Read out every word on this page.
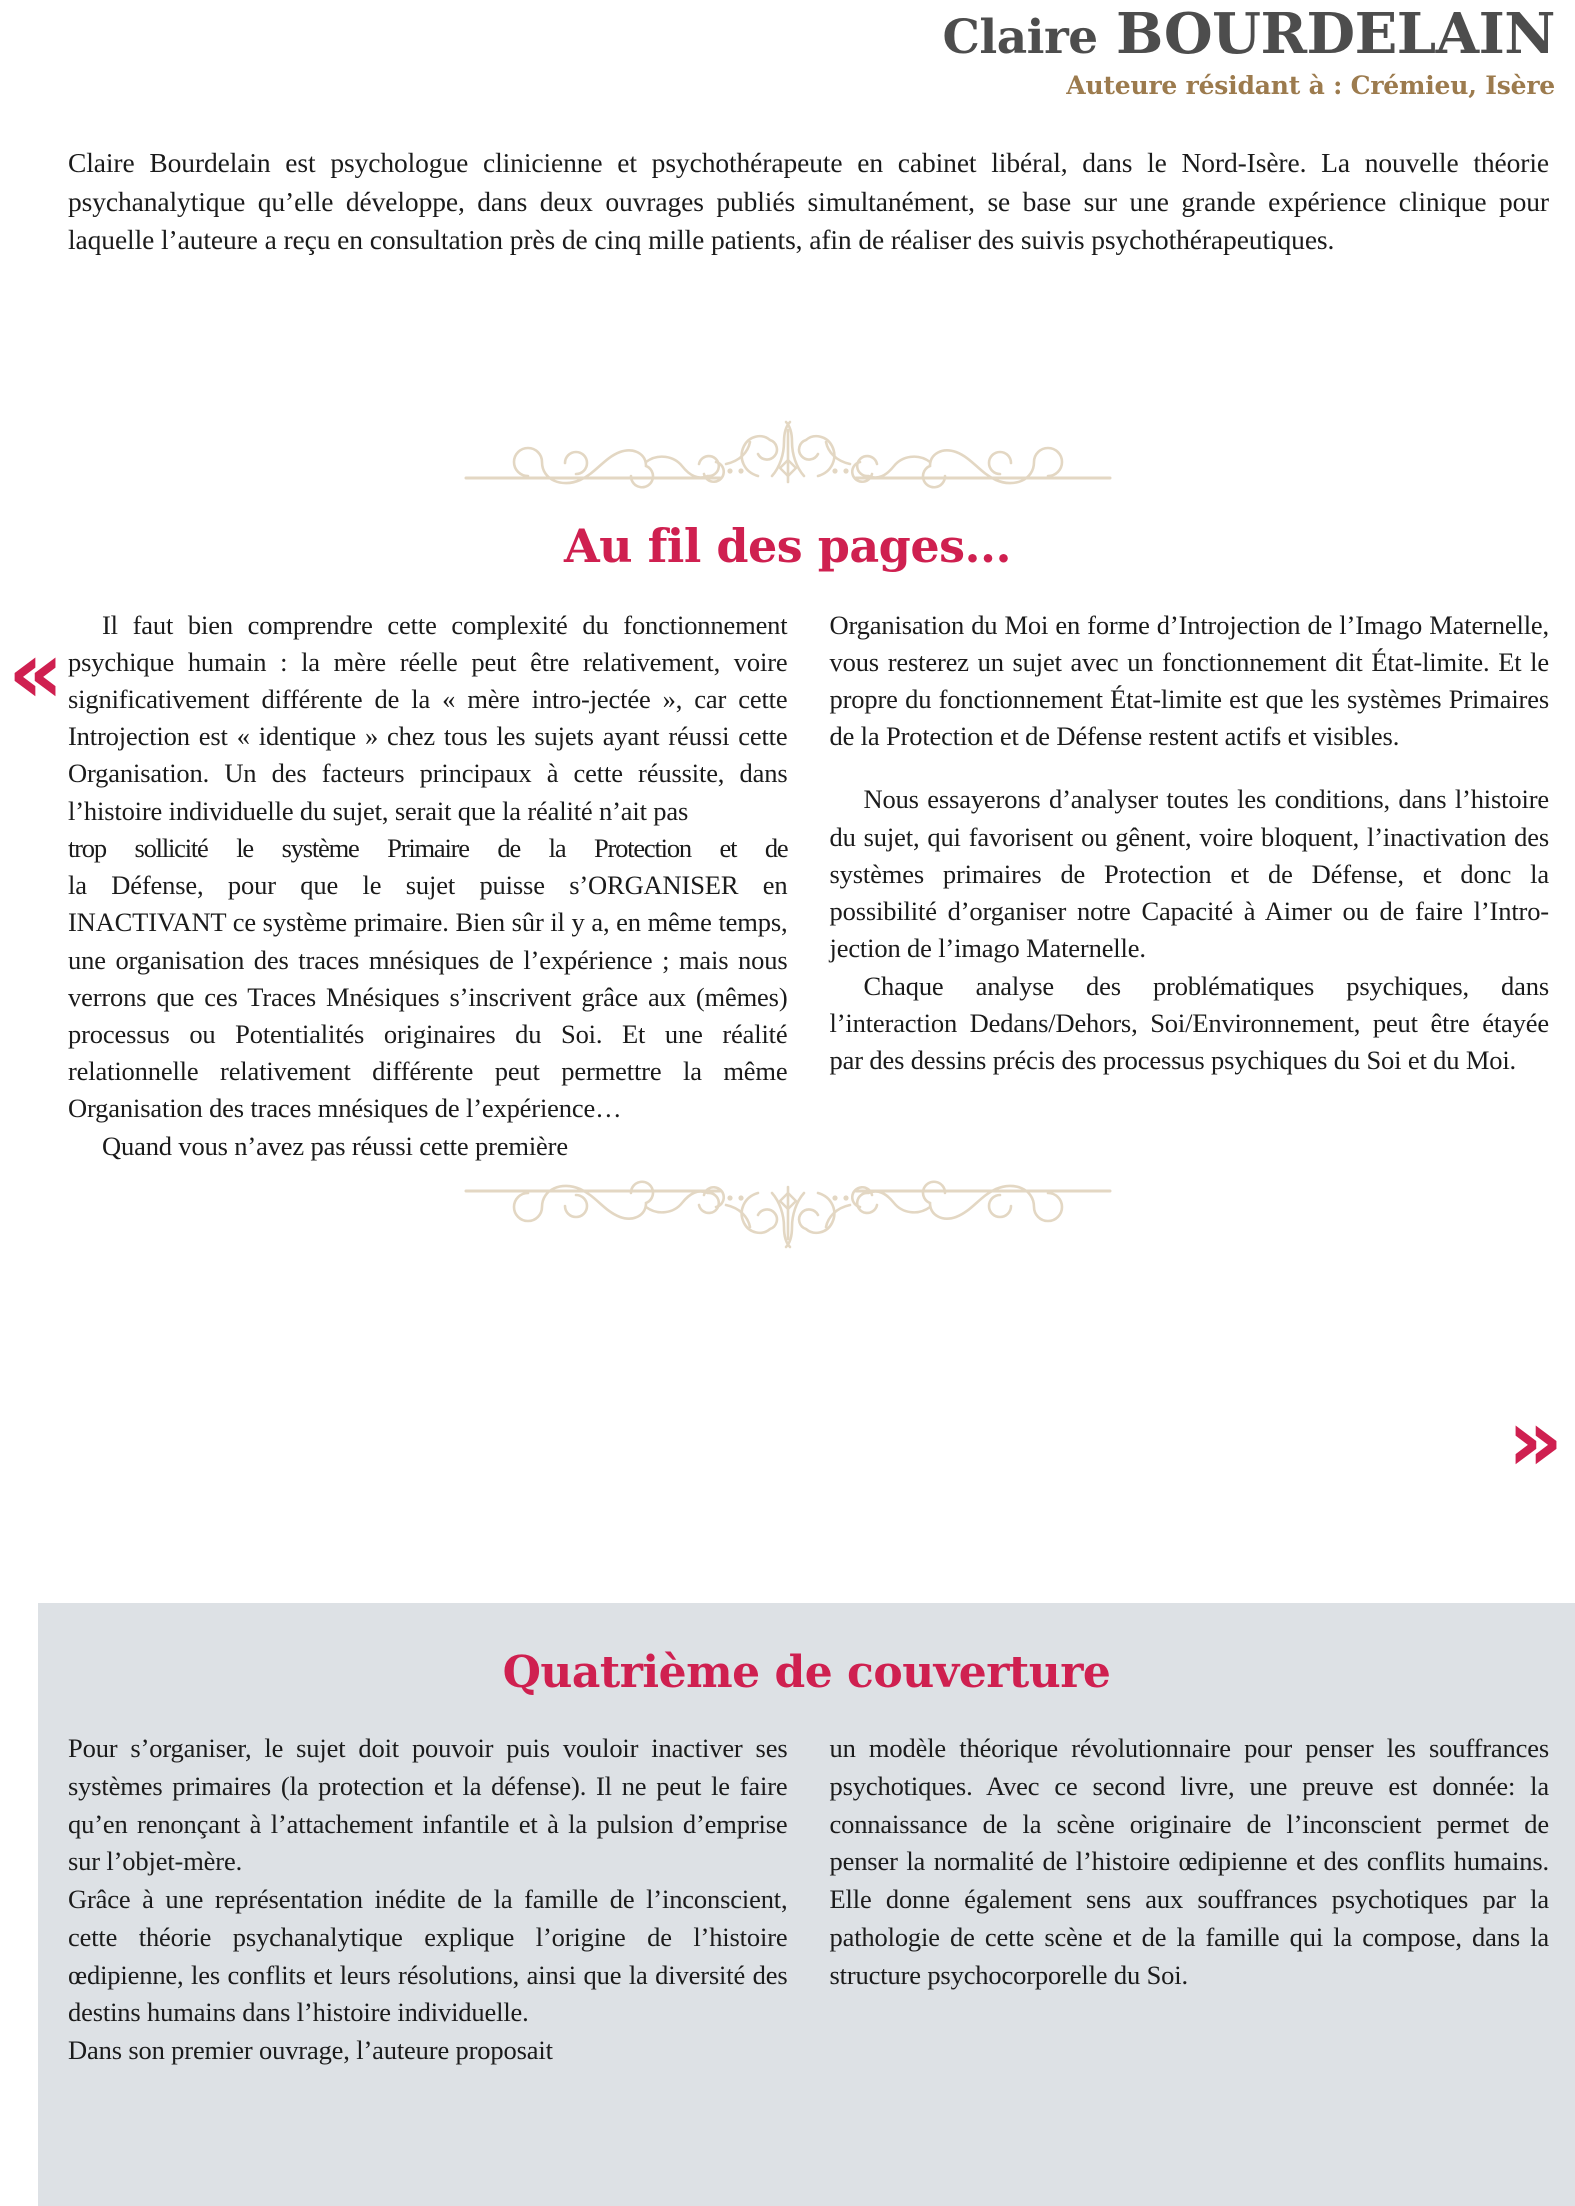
Claire BOURDELAIN
Auteure résidant à : Crémieu, Isère

Claire Bourdelain est psychologue clinicienne et psychothérapeute en cabinet libéral, dans le Nord-Isère. La nouvelle théorie psychanalytique qu’elle développe, dans deux ouvrages publiés simultanément, se base sur une grande expérience clinique pour laquelle l’auteure a reçu en consultation près de cinq mille patients, afin de réaliser des suivis psychothérapeutiques.

Au fil des pages...
«
»

Il faut bien comprendre cette complexité du fonctionnement psychique humain : la mère réelle peut être relativement, voire significativement différente de la « mère intro-jectée », car cette Introjection est « identique » chez tous les sujets ayant réussi cette Organisation. Un des facteurs principaux à cette réussite, dans l’histoire individuelle du sujet, serait que la réalité n’ait pas

trop sollicité le système Primaire de la Protection et de

la Défense, pour que le sujet puisse s’ORGANISER en INACTIVANT ce système primaire. Bien sûr il y a, en même temps, une organisation des traces mnésiques de l’expérience ; mais nous verrons que ces Traces Mnésiques s’inscrivent grâce aux (mêmes) processus ou Potentialités originaires du Soi. Et une réalité relationnelle relativement différente peut permettre la même Organisation des traces mnésiques de l’expérience…

Quand vous n’avez pas réussi cette première

Organisation du Moi en forme d’Introjection de l’Imago Maternelle, vous resterez un sujet avec un fonctionnement dit État-limite. Et le propre du fonctionnement État-limite est que les systèmes Primaires de la Protection et de Défense restent actifs et visibles.

Nous essayerons d’analyser toutes les conditions, dans l’histoire du sujet, qui favorisent ou gênent, voire bloquent, l’inactivation des systèmes primaires de Protection et de Défense, et donc la possibilité d’organiser notre Capacité à Aimer ou de faire l’Intro-jection de l’imago Maternelle.

Chaque analyse des problématiques psychiques, dans l’interaction Dedans/Dehors, Soi/Environnement, peut être étayée par des dessins précis des processus psychiques du Soi et du Moi.

Quatrième de couverture

Pour s’organiser, le sujet doit pouvoir puis vouloir inactiver ses systèmes primaires (la protection et la défense). Il ne peut le faire qu’en renonçant à l’attachement infantile et à la pulsion d’emprise sur l’objet-mère.

Grâce à une représentation inédite de la famille de l’inconscient, cette théorie psychanalytique explique l’origine de l’histoire œdipienne, les conflits et leurs résolutions, ainsi que la diversité des destins humains dans l’histoire individuelle.

Dans son premier ouvrage, l’auteure proposait

un modèle théorique révolutionnaire pour penser les souffrances psychotiques. Avec ce second livre, une preuve est donnée: la connaissance de la scène originaire de l’inconscient permet de penser la normalité de l’histoire œdipienne et des conflits humains. Elle donne également sens aux souffrances psychotiques par la pathologie de cette scène et de la famille qui la compose, dans la structure psychocorporelle du Soi.
